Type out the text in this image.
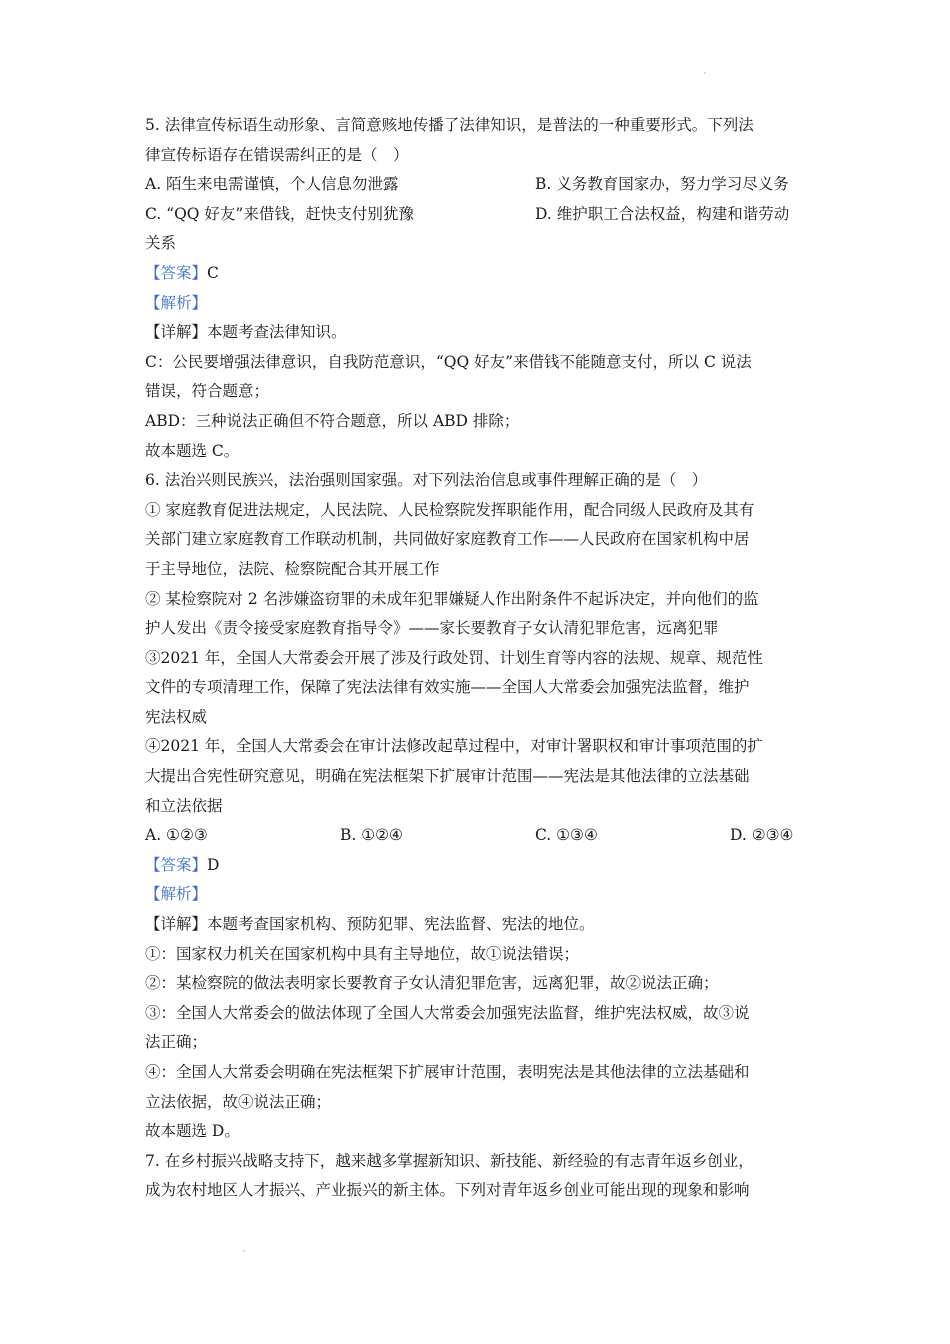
5. 法律宣传标语生动形象、言简意赅地传播了法律知识，是普法的一种重要形式。下列法
律宣传标语存在错误需纠正的是（　）
A. 陌生来电需谨慎，个人信息勿泄露	B. 义务教育国家办，努力学习尽义务
C. “QQ 好友”来借钱，赶快支付别犹豫	D. 维护职工合法权益，构建和谐劳动
关系
【答案】C
【解析】
【详解】本题考查法律知识。
C：公民要增强法律意识，自我防范意识，“QQ 好友”来借钱不能随意支付，所以 C 说法
错误，符合题意；
ABD：三种说法正确但不符合题意，所以 ABD 排除；
故本题选 C。
6. 法治兴则民族兴，法治强则国家强。对下列法治信息或事件理解正确的是（　）
① 家庭教育促进法规定，人民法院、人民检察院发挥职能作用，配合同级人民政府及其有
关部门建立家庭教育工作联动机制，共同做好家庭教育工作——人民政府在国家机构中居
于主导地位，法院、检察院配合其开展工作
② 某检察院对 2 名涉嫌盗窃罪的未成年犯罪嫌疑人作出附条件不起诉决定，并向他们的监
护人发出《责令接受家庭教育指导令》——家长要教育子女认清犯罪危害，远离犯罪
③2021 年，全国人大常委会开展了涉及行政处罚、计划生育等内容的法规、规章、规范性
文件的专项清理工作，保障了宪法法律有效实施——全国人大常委会加强宪法监督，维护
宪法权威
④2021 年，全国人大常委会在审计法修改起草过程中，对审计署职权和审计事项范围的扩
大提出合宪性研究意见，明确在宪法框架下扩展审计范围——宪法是其他法律的立法基础
和立法依据
A. ①②③	B. ①②④	C. ①③④	D. ②③④
【答案】D
【解析】
【详解】本题考查国家机构、预防犯罪、宪法监督、宪法的地位。
①：国家权力机关在国家机构中具有主导地位，故①说法错误；
②：某检察院的做法表明家长要教育子女认清犯罪危害，远离犯罪，故②说法正确；
③：全国人大常委会的做法体现了全国人大常委会加强宪法监督，维护宪法权威，故③说
法正确；
④：全国人大常委会明确在宪法框架下扩展审计范围，表明宪法是其他法律的立法基础和
立法依据，故④说法正确；
故本题选 D。
7. 在乡村振兴战略支持下，越来越多掌握新知识、新技能、新经验的有志青年返乡创业，
成为农村地区人才振兴、产业振兴的新主体。下列对青年返乡创业可能出现的现象和影响
